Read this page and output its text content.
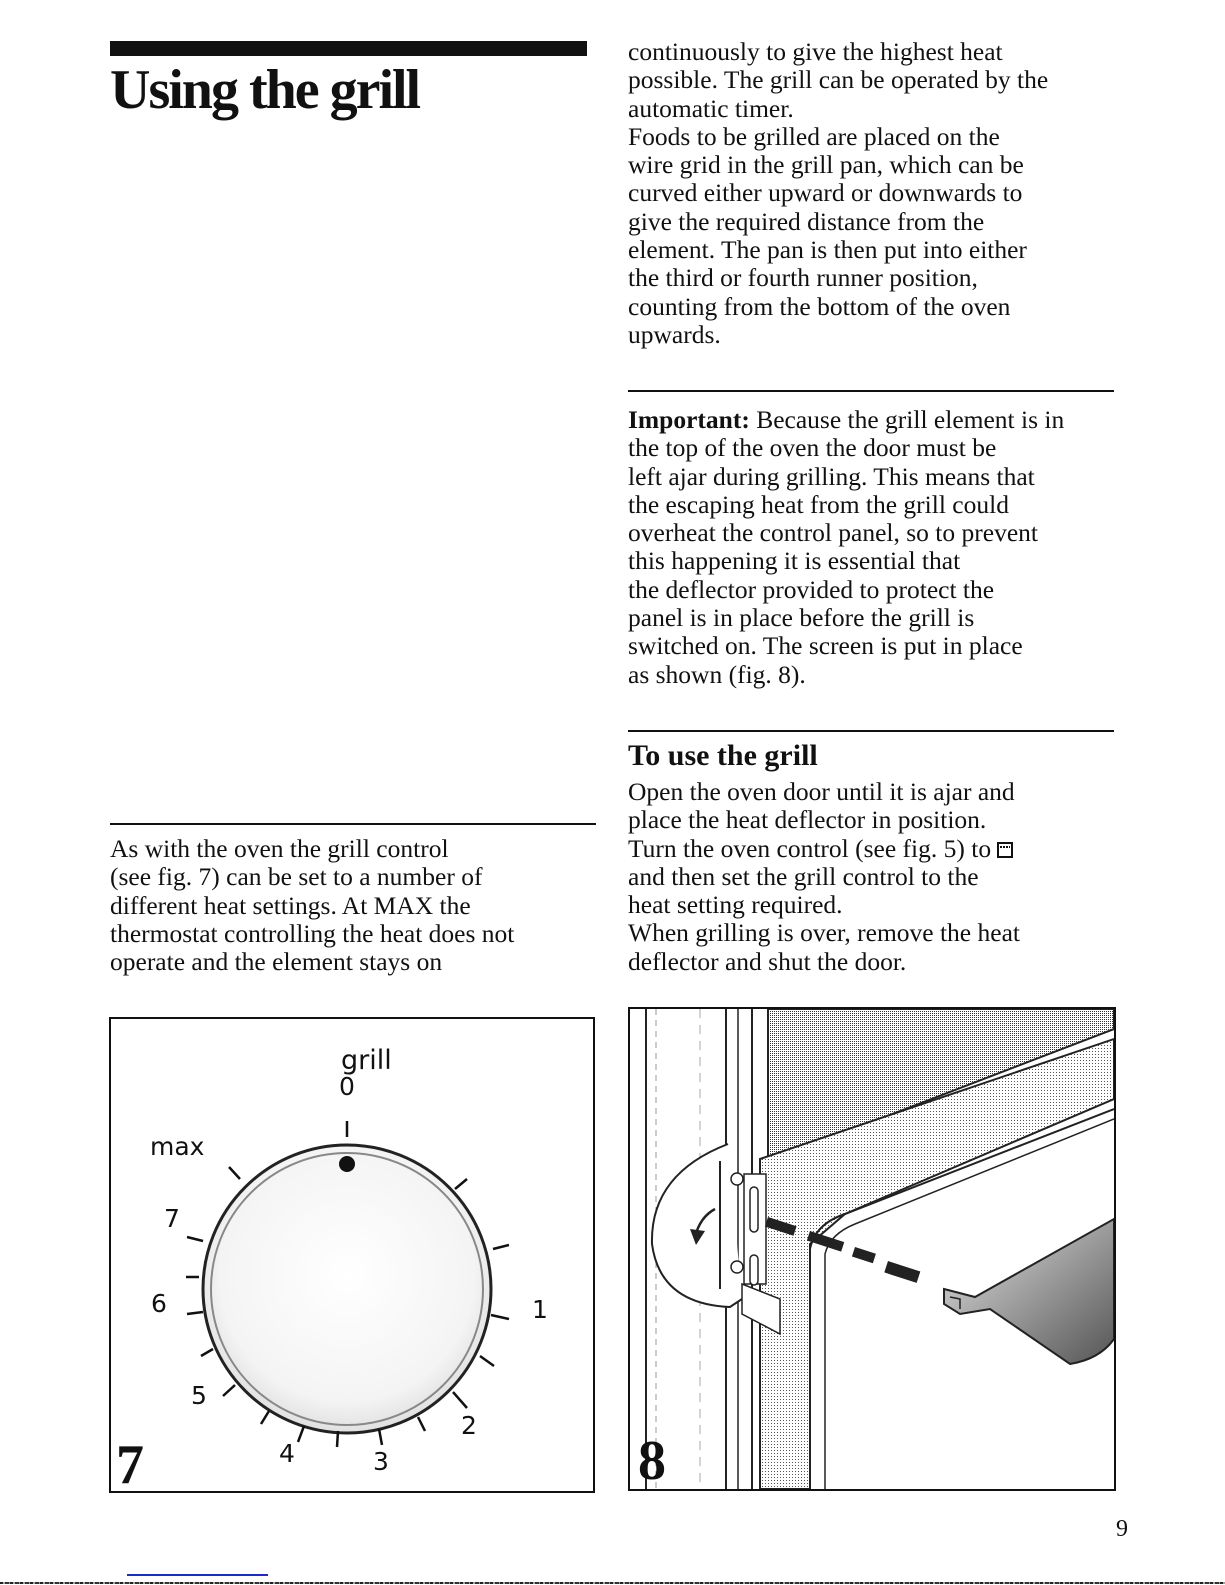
Using the grill

continuously to give the highest heat

possible. The grill can be operated by the

automatic timer.

Foods to be grilled are placed on the

wire grid in the grill pan, which can be

curved either upward or downwards to

give the required distance from the

element. The pan is then put into either

the third or fourth runner position,

counting from the bottom of the oven

upwards.

Important: Because the grill element is in

the top of the oven the door must be

left ajar during grilling. This means that

the escaping heat from the grill could

overheat the control panel, so to prevent

this happening it is essential that

the deflector provided to protect the

panel is in place before the grill is

switched on. The screen is put in place

as shown (fig. 8).

To use the grill

Open the oven door until it is ajar and

place the heat deflector in position.

Turn the oven control (see fig. 5) to

and then set the grill control to the

heat setting required.

When grilling is over, remove the heat

deflector and shut the door.

As with the oven the grill control

(see fig. 7) can be set to a number of

different heat settings. At MAX the

thermostat controlling the heat does not

operate and the element stays on

grill
0
max
7
6
5
4	3
2
1
7	8
9
